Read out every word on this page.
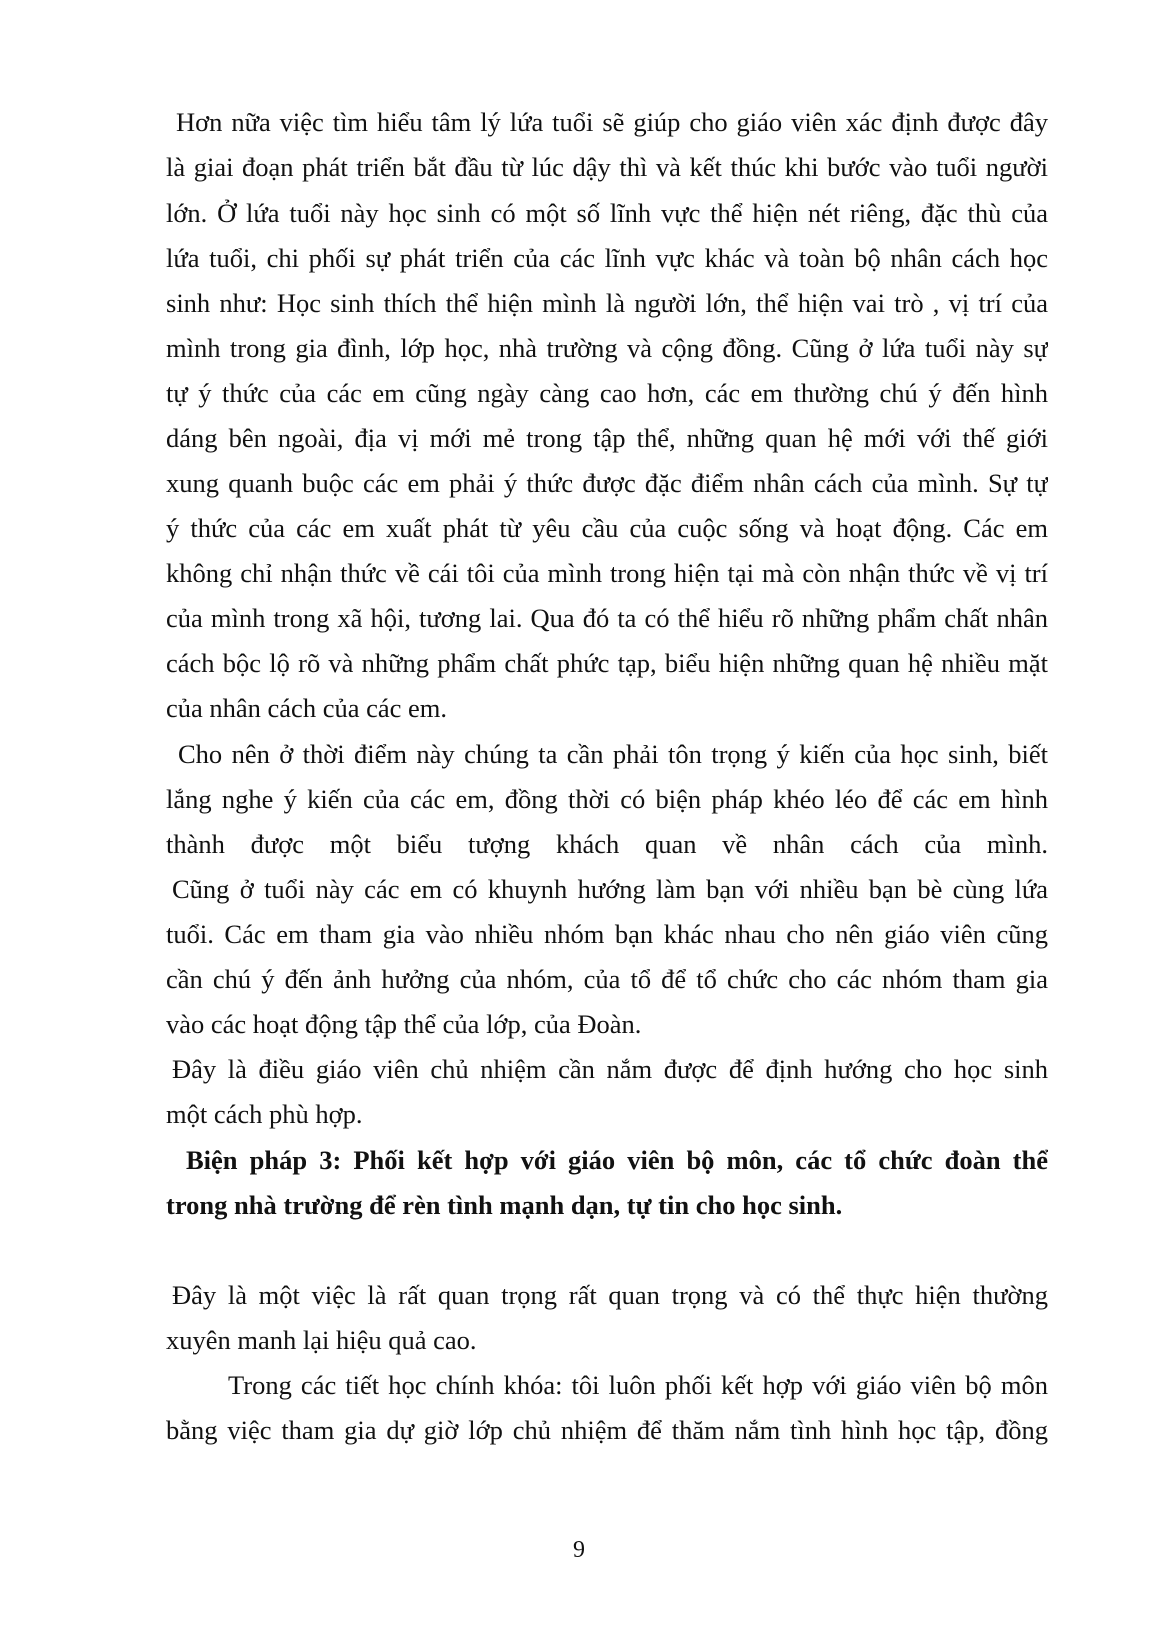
Hơn nữa việc tìm hiểu tâm lý lứa tuổi sẽ giúp cho giáo viên xác định được đây
là giai đoạn phát triển bắt đầu từ lúc dậy thì và kết thúc khi bước vào tuổi người
lớn. Ở lứa tuổi này học sinh có một số lĩnh vực thể hiện nét riêng, đặc thù của
lứa tuổi, chi phối sự phát triển của các lĩnh vực khác và toàn bộ nhân cách học
sinh như: Học sinh thích thể hiện mình là người lớn, thể hiện vai trò , vị trí của
mình trong gia đình, lớp học, nhà trường và cộng đồng. Cũng ở lứa tuổi này sự
tự ý thức của các em cũng ngày càng cao hơn, các em thường chú ý đến hình
dáng bên ngoài, địa vị mới mẻ trong tập thể, những quan hệ mới với thế giới
xung quanh buộc các em phải ý thức được đặc điểm nhân cách của mình. Sự tự
ý thức của các em xuất phát từ yêu cầu của cuộc sống và hoạt động. Các em
không chỉ nhận thức về cái tôi của mình trong hiện tại mà còn nhận thức về vị trí
của mình trong xã hội, tương lai. Qua đó ta có thể hiểu rõ những phẩm chất nhân
cách bộc lộ rõ và những phẩm chất phức tạp, biểu hiện những quan hệ nhiều mặt
của nhân cách của các em.
Cho nên ở thời điểm này chúng ta cần phải tôn trọng ý kiến của học sinh, biết
lắng nghe ý kiến của các em, đồng thời có biện pháp khéo léo để các em hình
thành được một biểu tượng khách quan về nhân cách của mình.
Cũng ở tuổi này các em có khuynh hướng làm bạn với nhiều bạn bè cùng lứa
tuổi. Các em tham gia vào nhiều nhóm bạn khác nhau cho nên giáo viên cũng
cần chú ý đến ảnh hưởng của nhóm, của tổ để tổ chức cho các nhóm tham gia
vào các hoạt động tập thể của lớp, của Đoàn.
Đây là điều giáo viên chủ nhiệm cần nắm được để định hướng cho học sinh
một cách phù hợp.
Biện pháp 3: Phối kết hợp với giáo viên bộ môn, các tổ chức đoàn thể
trong nhà trường để rèn tình mạnh dạn, tự tin cho học sinh.
Đây là một việc là rất quan trọng rất quan trọng và có thể thực hiện thường
xuyên manh lại hiệu quả cao.
Trong các tiết học chính khóa: tôi luôn phối kết hợp với giáo viên bộ môn
bằng việc tham gia dự giờ lớp chủ nhiệm để thăm nắm tình hình học tập, đồng
9
